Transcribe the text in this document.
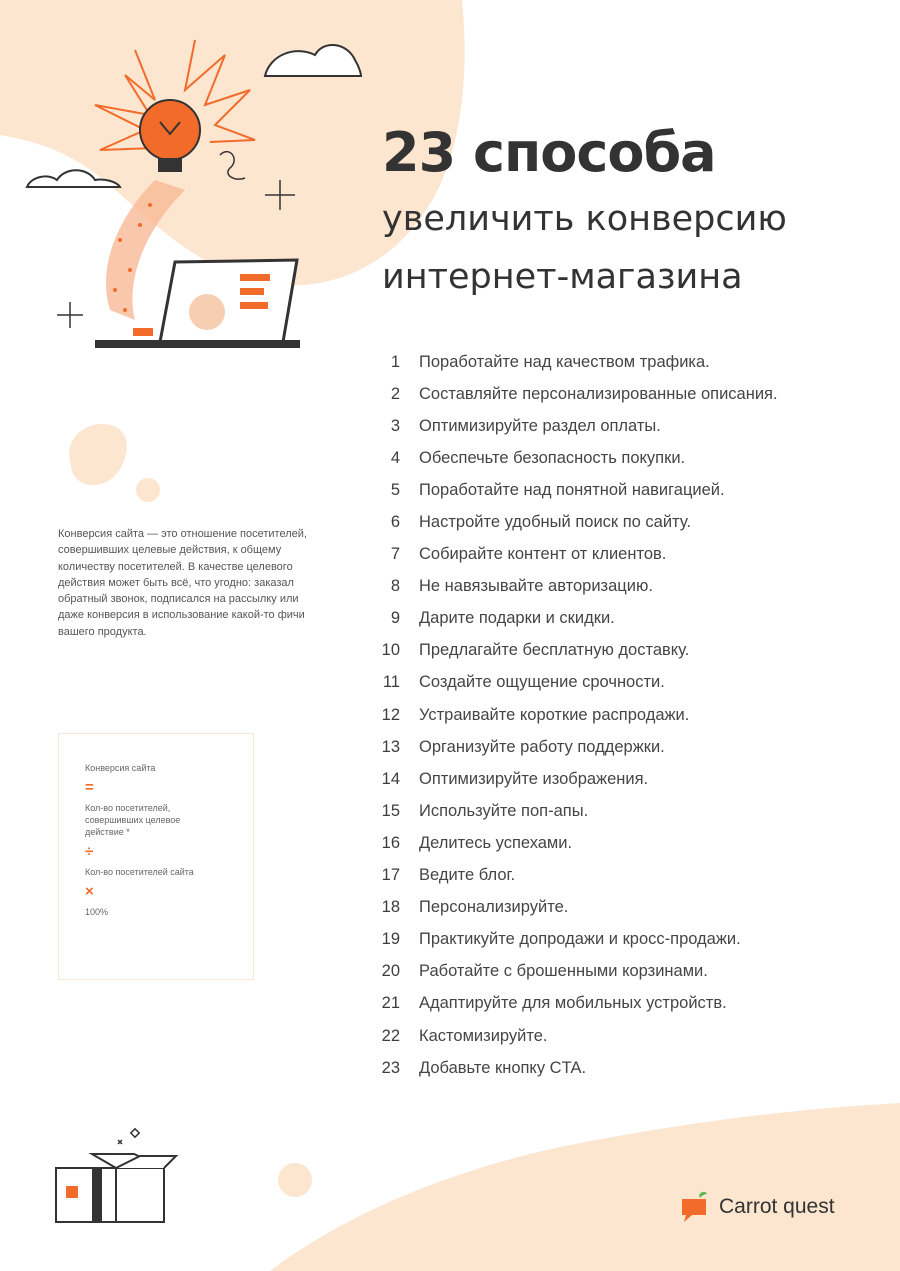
23 способа
увеличить конверсию
интернет-магазина
1 Поработайте над качеством трафика.
2 Составляйте персонализированные описания.
3 Оптимизируйте раздел оплаты.
4 Обеспечьте безопасность покупки.
5 Поработайте над понятной навигацией.
6 Настройте удобный поиск по сайту.
7 Собирайте контент от клиентов.
8 Не навязывайте авторизацию.
9 Дарите подарки и скидки.
10 Предлагайте бесплатную доставку.
11 Создайте ощущение срочности.
12 Устраивайте короткие распродажи.
13 Организуйте работу поддержки.
14 Оптимизируйте изображения.
15 Используйте поп-апы.
16 Делитесь успехами.
17 Ведите блог.
18 Персонализируйте.
19 Практикуйте допродажи и кросс-продажи.
20 Работайте с брошенными корзинами.
21 Адаптируйте для мобильных устройств.
22 Кастомизируйте.
23 Добавьте кнопку CTA.

Конверсия сайта — это отношение посетителей, совершивших целевые действия, к общему количеству посетителей. В качестве целевого действия может быть всё, что угодно: заказал обратный звонок, подписался на рассылку или даже конверсия в использование какой-то фичи вашего продукта.

Конверсия сайта
=
Кол-во посетителей, совершивших целевое действие *
÷
Кол-во посетителей сайта
×
100%
Carrot quest
